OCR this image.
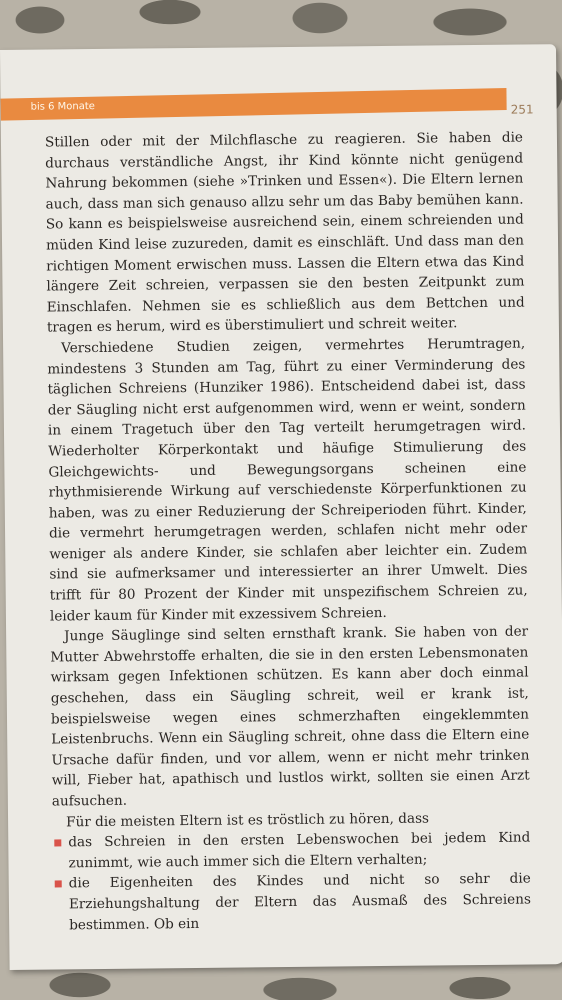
bis 6 Monate	251

Stillen oder mit der Milchflasche zu reagieren. Sie haben die durchaus verständliche Angst, ihr Kind könnte nicht genügend Nahrung bekommen (siehe »Trinken und Essen«). Die Eltern lernen auch, dass man sich genauso allzu sehr um das Baby bemühen kann. So kann es beispielsweise ausreichend sein, einem schreienden und müden Kind leise zuzureden, damit es einschläft. Und dass man den richtigen Moment erwischen muss. Lassen die Eltern etwa das Kind längere Zeit schreien, verpassen sie den besten Zeitpunkt zum Einschlafen. Nehmen sie es schließlich aus dem Bettchen und tragen es herum, wird es überstimuliert und schreit weiter.

Verschiedene Studien zeigen, vermehrtes Herumtragen, mindestens 3 Stunden am Tag, führt zu einer Verminderung des täglichen Schreiens (Hunziker 1986). Entscheidend dabei ist, dass der Säugling nicht erst aufgenommen wird, wenn er weint, sondern in einem Tragetuch über den Tag verteilt herumgetragen wird. Wiederholter Körperkontakt und häufige Stimulierung des Gleichgewichts- und Bewegungsorgans scheinen eine rhythmisierende Wirkung auf verschiedenste Körperfunktionen zu haben, was zu einer Reduzierung der Schreiperioden führt. Kinder, die vermehrt herumgetragen werden, schlafen nicht mehr oder weniger als andere Kinder, sie schlafen aber leichter ein. Zudem sind sie aufmerksamer und interessierter an ihrer Umwelt. Dies trifft für 80 Prozent der Kinder mit unspezifischem Schreien zu, leider kaum für Kinder mit exzessivem Schreien.

Junge Säuglinge sind selten ernsthaft krank. Sie haben von der Mutter Abwehrstoffe erhalten, die sie in den ersten Lebensmonaten wirksam gegen Infektionen schützen. Es kann aber doch einmal geschehen, dass ein Säugling schreit, weil er krank ist, beispielsweise wegen eines schmerzhaften eingeklemmten Leistenbruchs. Wenn ein Säugling schreit, ohne dass die Eltern eine Ursache dafür finden, und vor allem, wenn er nicht mehr trinken will, Fieber hat, apathisch und lustlos wirkt, sollten sie einen Arzt aufsuchen.

Für die meisten Eltern ist es tröstlich zu hören, dass

das Schreien in den ersten Lebenswochen bei jedem Kind zunimmt, wie auch immer sich die Eltern verhalten;
die Eigenheiten des Kindes und nicht so sehr die Erziehungshaltung der Eltern das Ausmaß des Schreiens bestimmen. Ob ein
